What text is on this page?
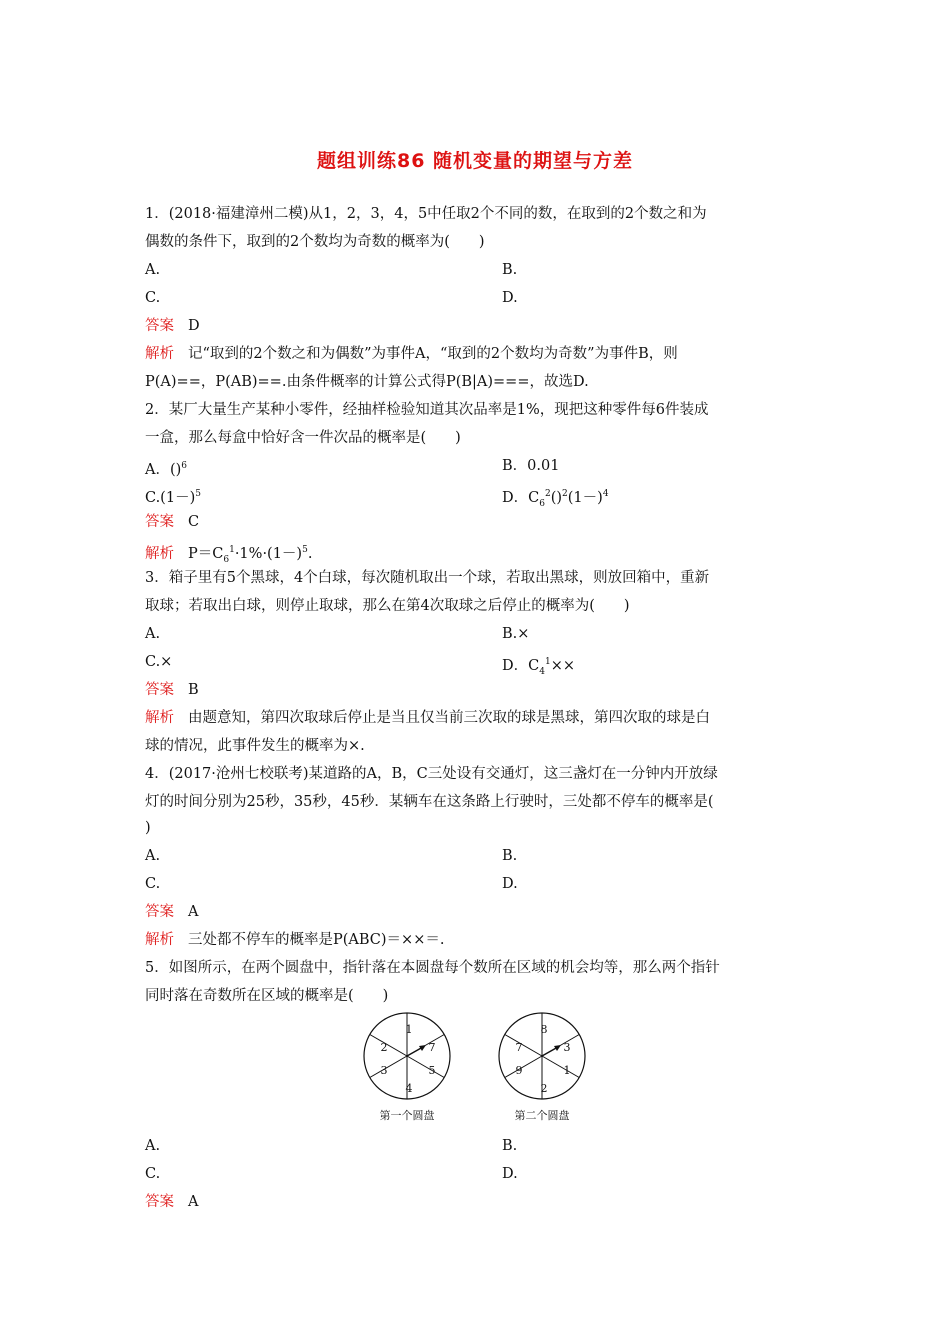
题组训练86 随机变量的期望与方差
1．(2018·福建漳州二模)从1，2，3，4，5中任取2个不同的数，在取到的2个数之和为
偶数的条件下，取到的2个数均为奇数的概率为(　　)
A.	B.
C.	D.
答案 D
解析 记“取到的2个数之和为偶数”为事件A，“取到的2个数均为奇数”为事件B，则
P(A)==，P(AB)==.由条件概率的计算公式得P(B|A)===，故选D.
2．某厂大量生产某种小零件，经抽样检验知道其次品率是1%，现把这种零件每6件装成
一盒，那么每盒中恰好含一件次品的概率是(　　)
A．()$^6$	B．0.01
$C.(1-)^5$	D．$C_6^2()^2(1-)^4$
答案 C
解析 $P=C_6^1\cdot 1\%\cdot(1-)^5$.
3．箱子里有5个黑球，4个白球，每次随机取出一个球，若取出黑球，则放回箱中，重新
取球；若取出白球，则停止取球，那么在第4次取球之后停止的概率为(　　)
A.	B.×
C.×	D．$C_4^1\times\times$
答案 B
解析 由题意知，第四次取球后停止是当且仅当前三次取的球是黑球，第四次取的球是白
球的情况，此事件发生的概率为×.
4．(2017·沧州七校联考)某道路的A，B，C三处设有交通灯，这三盏灯在一分钟内开放绿
灯的时间分别为25秒，35秒，45秒．某辆车在这条路上行驶时，三处都不停车的概率是(
)
A.	B.
C.	D.
答案 A
解析 三处都不停车的概率是P(ABC)＝××＝.
5．如图所示，在两个圆盘中，指针落在本圆盘每个数所在区域的机会均等，那么两个指针
同时落在奇数所在区域的概率是(　　)
1
7
5
4
3
2
第一个圆盘
8
3
1
2
9
7
第二个圆盘
A.	B.
C.	D.
答案 A
